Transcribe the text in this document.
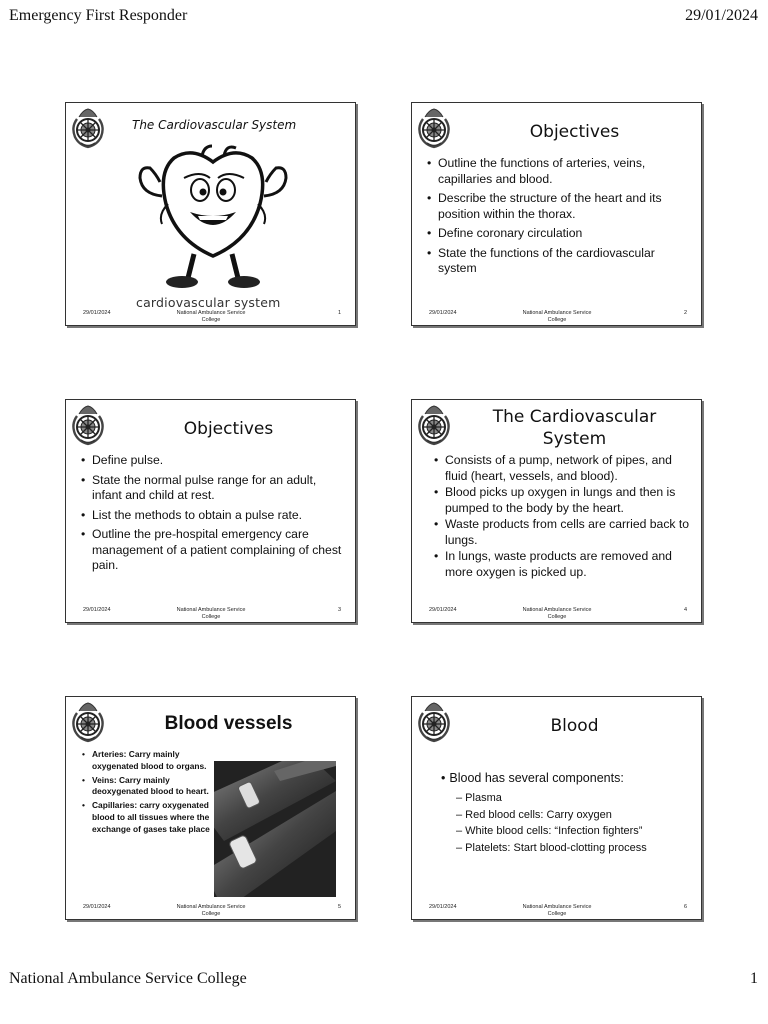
Emergency First Responder	29/01/2024
The Cardiovascular System
cardiovascular system
29/01/2024	National Ambulance Service
College
1
Objectives
• Outline the functions of arteries, veins, capillaries and blood.
• Describe the structure of the heart and its position within the thorax.
• Define coronary circulation
• State the functions of the cardiovascular system
29/01/2024	National Ambulance Service
College
2
Objectives
• Define pulse.
• State the normal pulse range for an adult, infant and child at rest.
• List the methods to obtain a pulse rate.
• Outline the pre-hospital emergency care management of a patient complaining of chest pain.
29/01/2024	National Ambulance Service
College
3
The Cardiovascular
System
• Consists of a pump, network of pipes, and fluid (heart, vessels, and blood).
• Blood picks up oxygen in lungs and then is pumped to the body by the heart.
• Waste products from cells are carried back to lungs.
• In lungs, waste products are removed and more oxygen is picked up.
29/01/2024	National Ambulance Service
College
4
Blood vessels
• Arteries: Carry mainly oxygenated blood to organs.
• Veins: Carry mainly deoxygenated blood to heart.
• Capillaries: carry oxygenated blood to all tissues where the exchange of gases take place
29/01/2024	National Ambulance Service
College
5
Blood
• Blood has several components:
– Plasma
– Red blood cells: Carry oxygen
– White blood cells: “Infection fighters”
– Platelets: Start blood-clotting process
29/01/2024	National Ambulance Service
College
6
National Ambulance Service College	1
